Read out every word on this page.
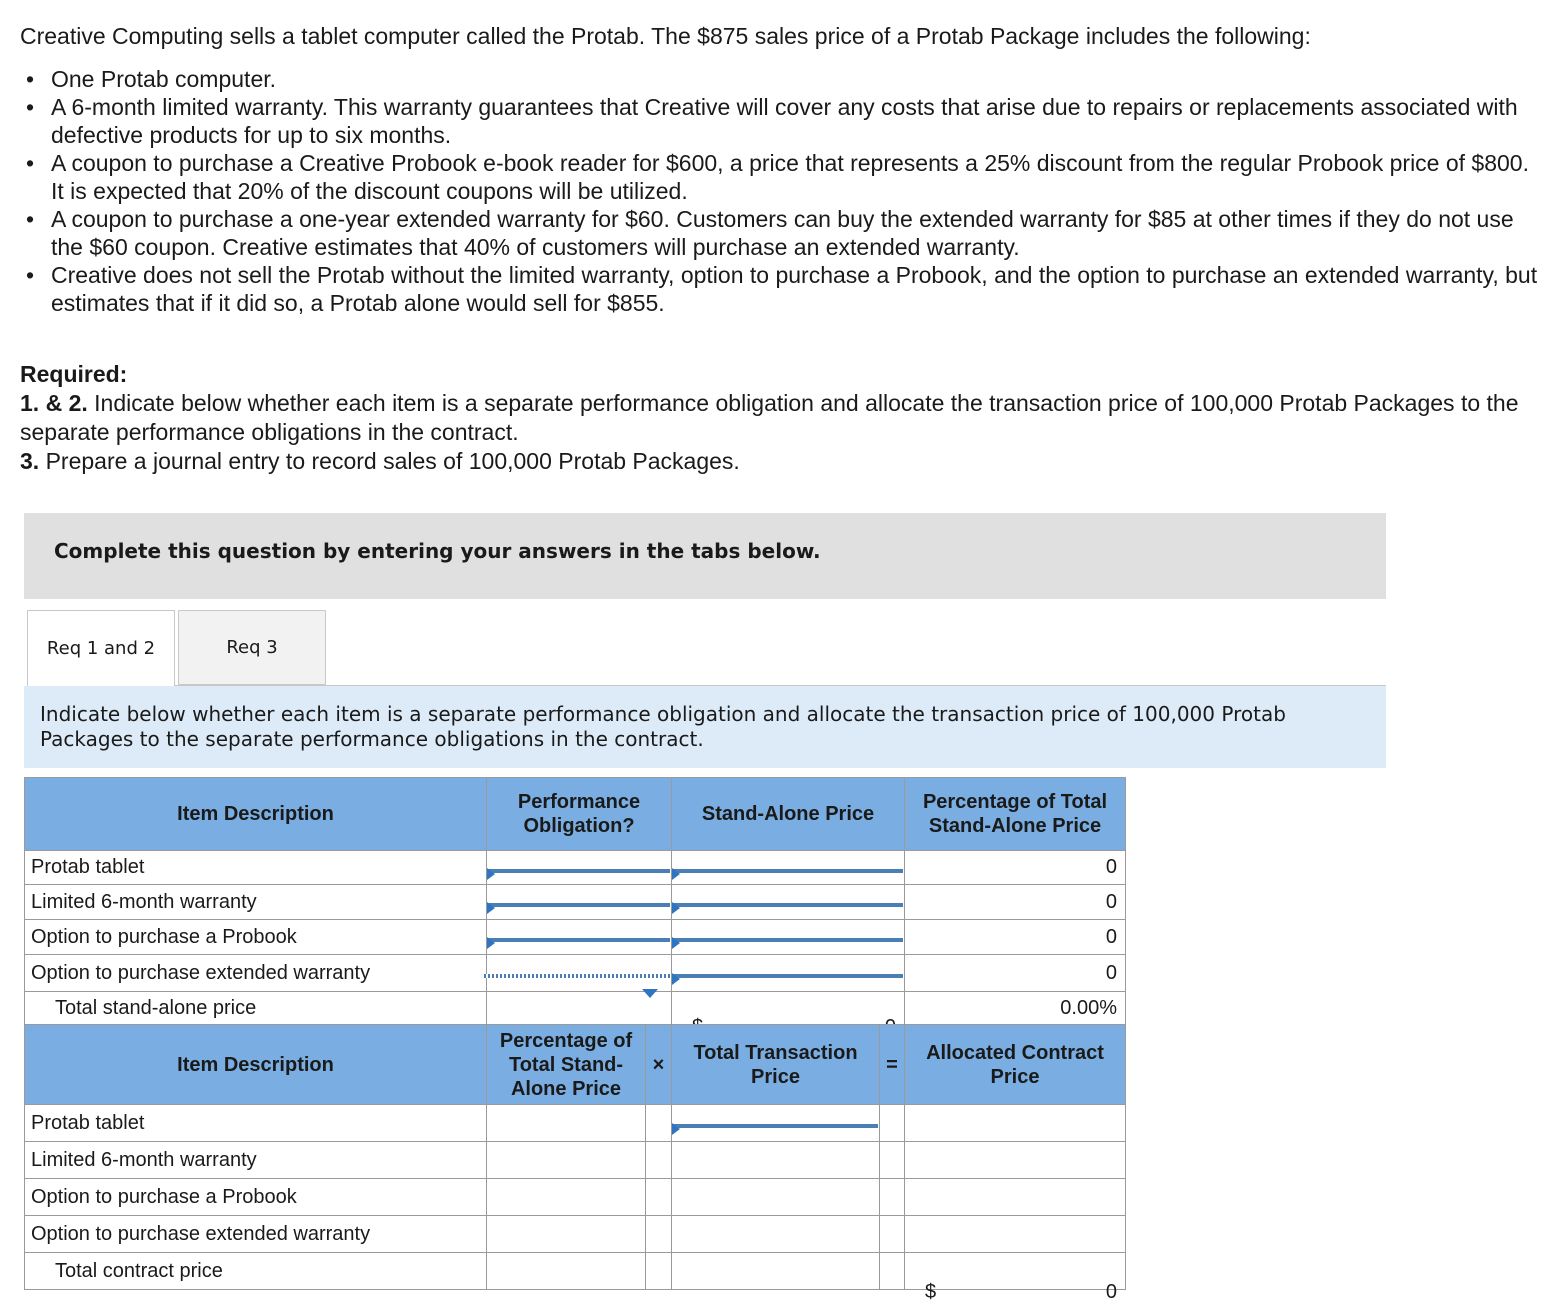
Creative Computing sells a tablet computer called the Protab. The $875 sales price of a Protab Package includes the following:

• One Protab computer.
• A 6-month limited warranty. This warranty guarantees that Creative will cover any costs that arise due to repairs or replacements associated with defective products for up to six months.
• A coupon to purchase a Creative Probook e-book reader for $600, a price that represents a 25% discount from the regular Probook price of $800. It is expected that 20% of the discount coupons will be utilized.
• A coupon to purchase a one-year extended warranty for $60. Customers can buy the extended warranty for $85 at other times if they do not use the $60 coupon. Creative estimates that 40% of customers will purchase an extended warranty.
• Creative does not sell the Protab without the limited warranty, option to purchase a Probook, and the option to purchase an extended warranty, but estimates that if it did so, a Protab alone would sell for $855.

Required:

1. & 2. Indicate below whether each item is a separate performance obligation and allocate the transaction price of 100,000 Protab Packages to the separate performance obligations in the contract.

3. Prepare a journal entry to record sales of 100,000 Protab Packages.

Complete this question by entering your answers in the tabs below.
Req 1 and 2	Req 3
Indicate below whether each item is a separate performance obligation and allocate the transaction price of 100,000 Protab Packages to the separate performance obligations in the contract.
Item Description	Performance Obligation?	Stand-Alone Price	Percentage of Total Stand-Alone Price
Protab tablet			0
Limited 6-month warranty			0
Option to purchase a Probook			0
Option to purchase extended warranty			0
Total stand-alone price			0.00%
Item Description	Percentage of Total Stand-Alone Price	×	Total Transaction Price	=	Allocated Contract Price
Protab tablet			

Limited 6-month warranty					
Option to purchase a Probook					
Option to purchase extended warranty					
Total contract price					$ 0
